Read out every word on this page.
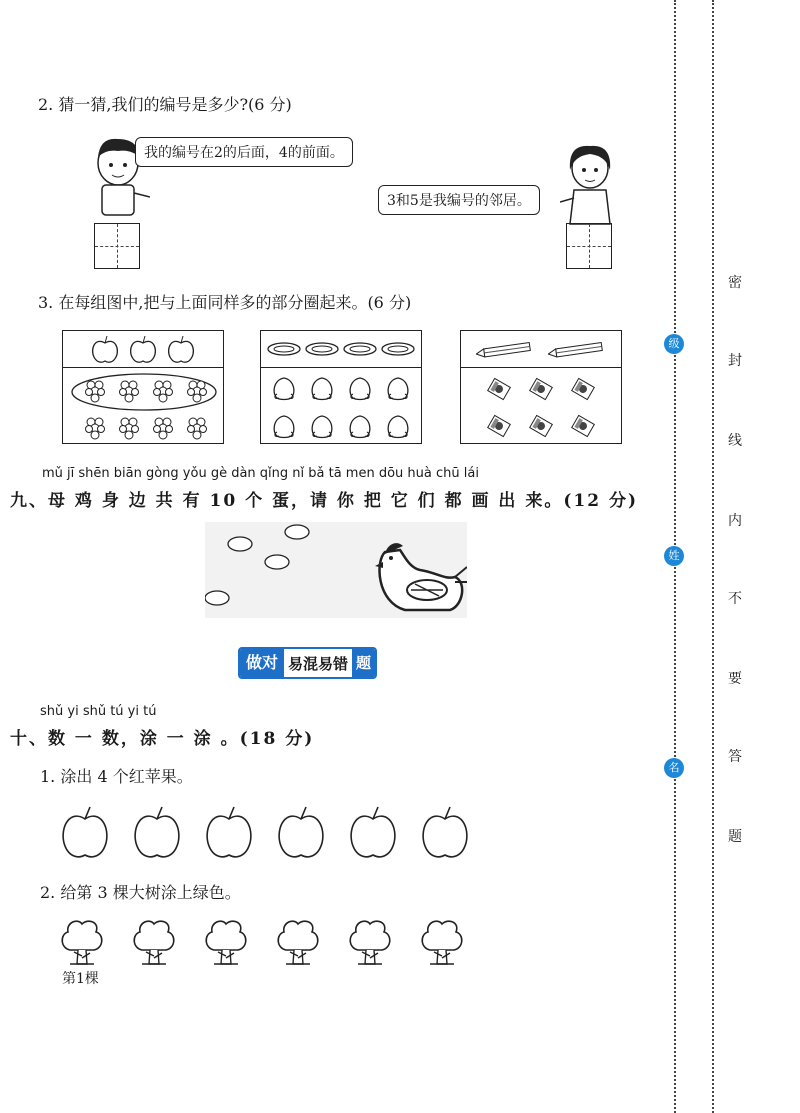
2. 猜一猜,我们的编号是多少?(6 分)
我的编号在2的后面，4的前面。
3和5是我编号的邻居。
3. 在每组图中,把与上面同样多的部分圈起来。(6 分)
mǔ jī shēn biān gòng yǒu gè dàn qǐng nǐ bǎ tā men dōu huà chū lái
九、母 鸡 身 边 共 有 10 个 蛋，请 你 把 它 们 都 画 出 来。(12 分)
做对 易混易错 题
shǔ yi shǔ tú yi tú
十、数 一 数，涂 一 涂 。(18 分)
1. 涂出 4 个红苹果。
2. 给第 3 棵大树涂上绿色。
第1棵
级
姓
名
密
封
线
内
不
要
答
题
